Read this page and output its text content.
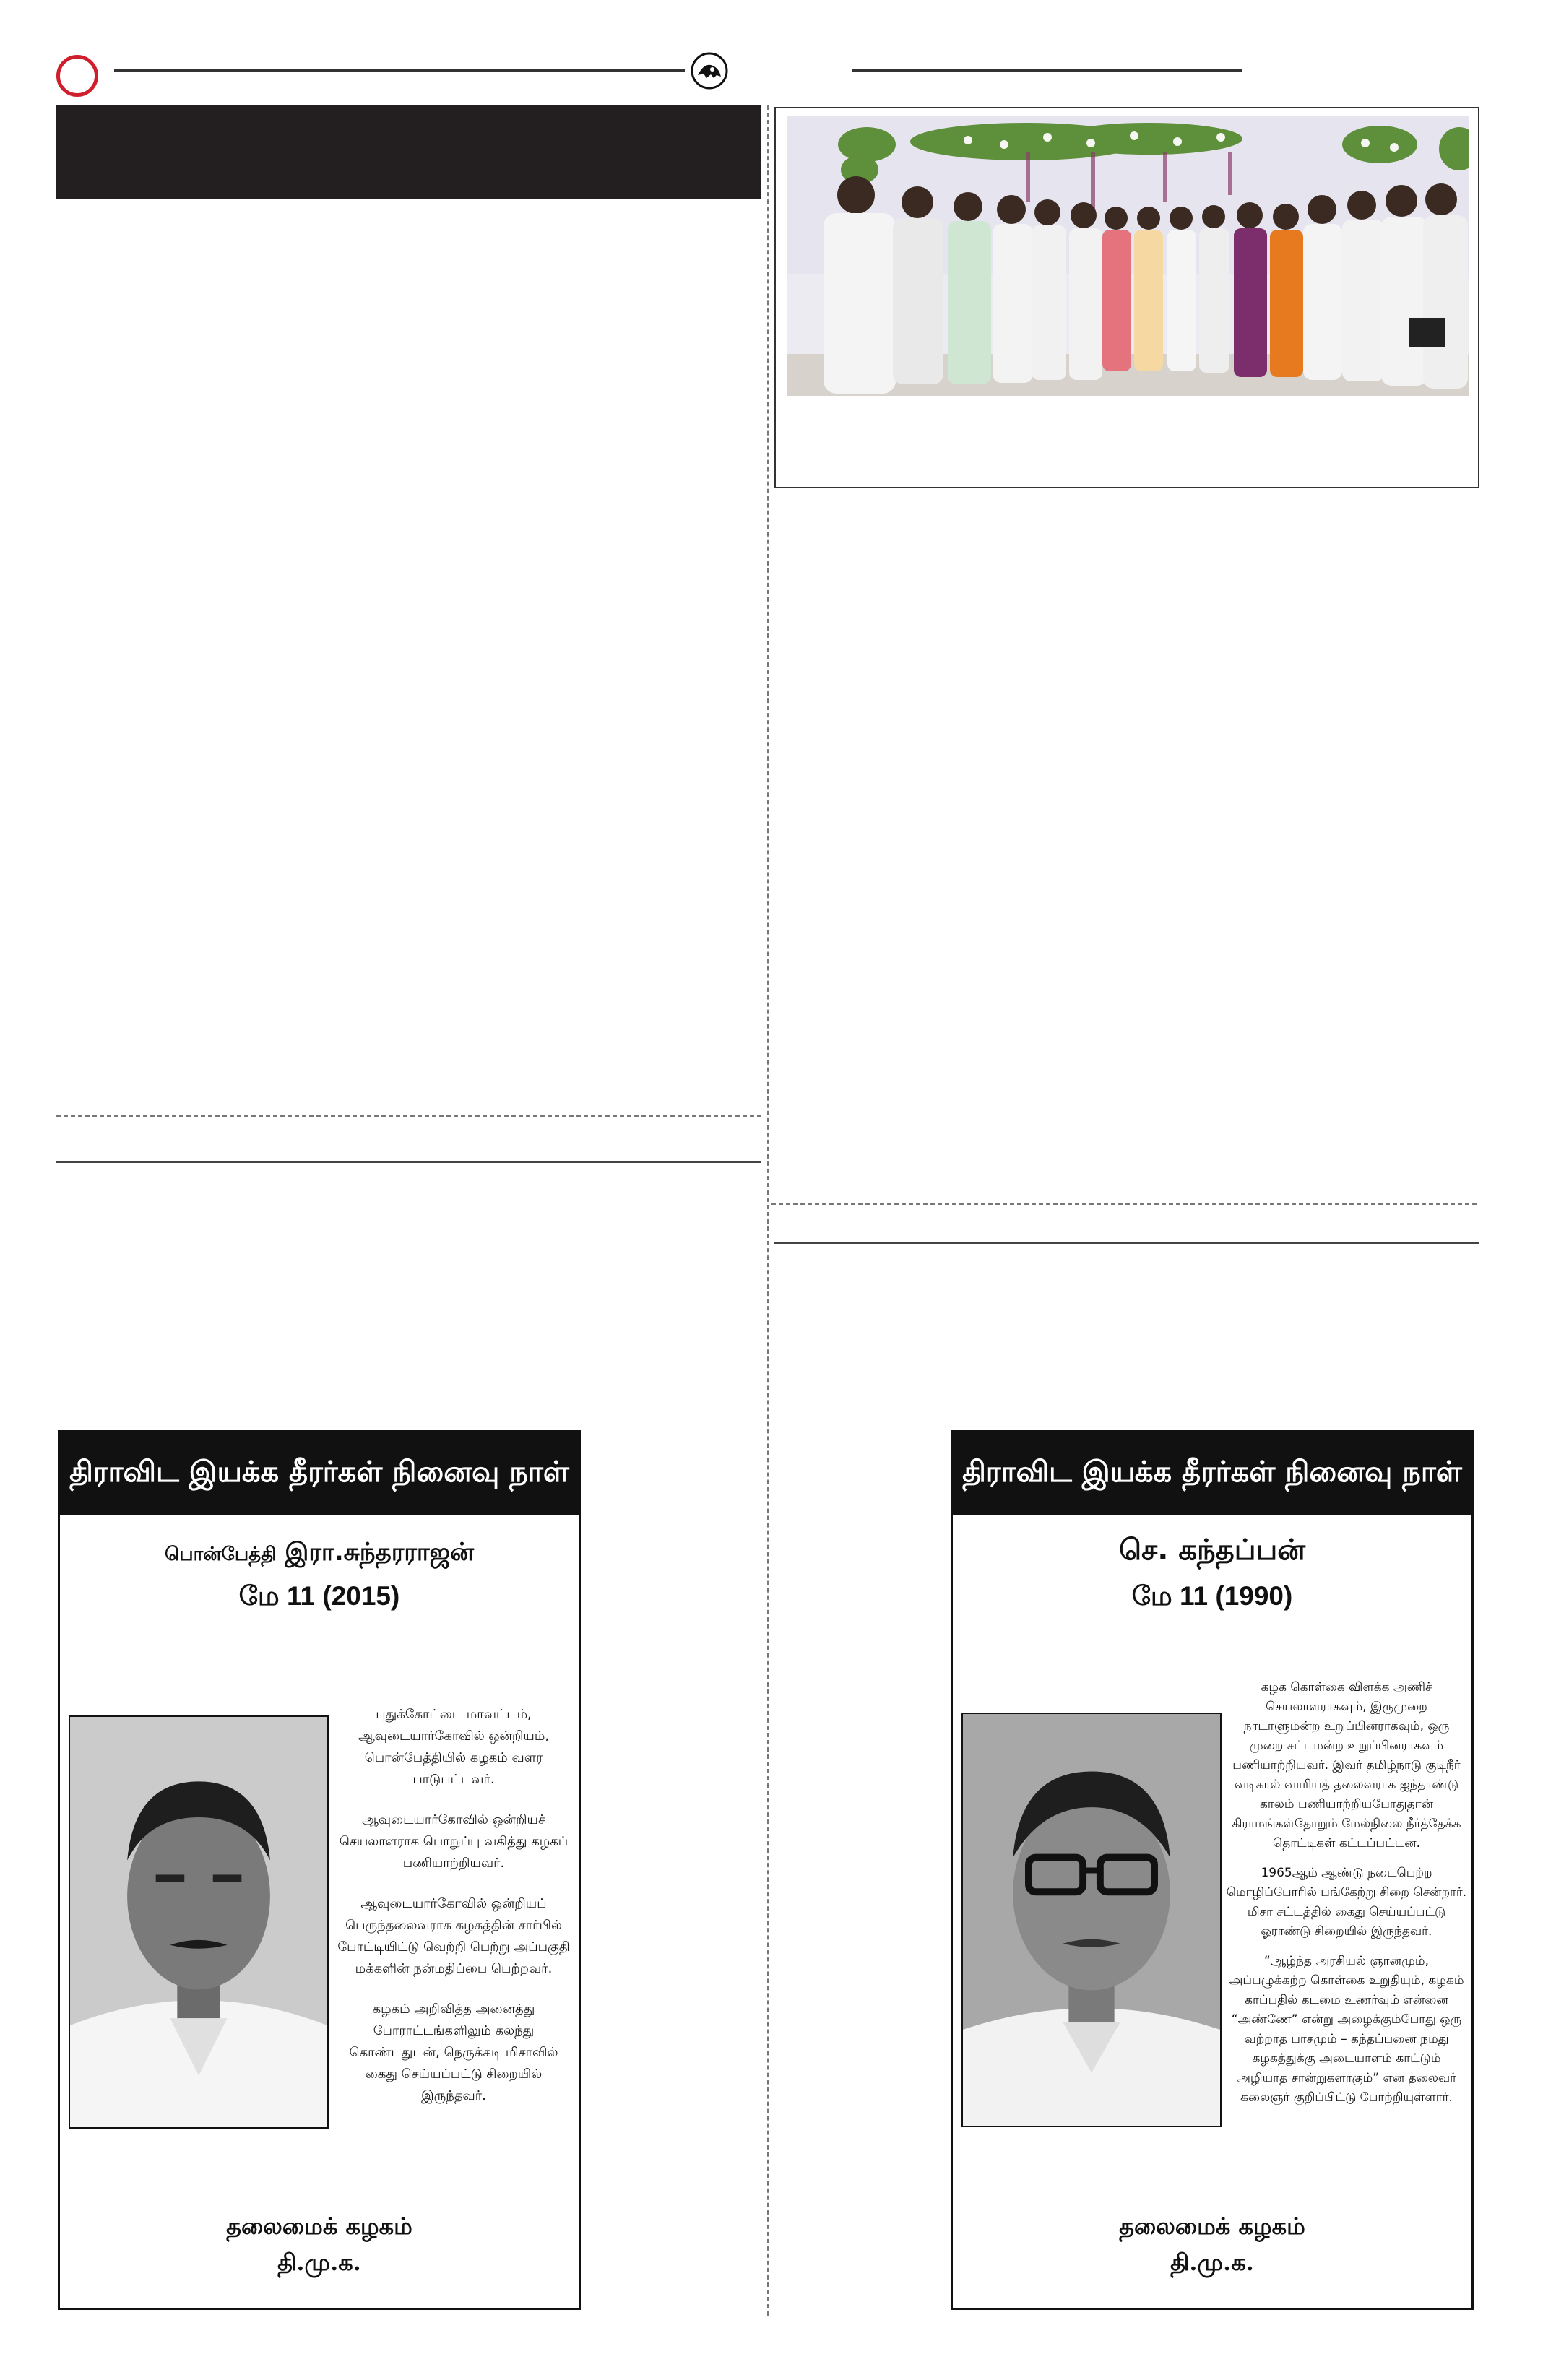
திராவிட இயக்க தீரர்கள் நினைவு நாள்
பொன்பேத்தி இரா.சுந்தரராஜன்
மே 11 (2015)

புதுக்கோட்டை மாவட்டம், ஆவுடையார்கோவில் ஒன்றியம், பொன்பேத்தியில் கழகம் வளர பாடுபட்டவர்.

ஆவுடையார்கோவில் ஒன்றியச் செயலாளராக பொறுப்பு வகித்து கழகப் பணியாற்றியவர்.

ஆவுடையார்கோவில் ஒன்றியப் பெருந்தலைவராக கழகத்தின் சார்பில் போட்டியிட்டு வெற்றி பெற்று அப்பகுதி மக்களின் நன்மதிப்பை பெற்றவர்.

கழகம் அறிவித்த அனைத்து போராட்டங்களிலும் கலந்து கொண்டதுடன், நெருக்கடி மிசாவில் கைது செய்யப்பட்டு சிறையில் இருந்தவர்.

தலைமைக் கழகம்
தி.மு.க.
திராவிட இயக்க தீரர்கள் நினைவு நாள்
செ. கந்தப்பன்
மே 11 (1990)

கழக கொள்கை விளக்க அணிச் செயலாளராகவும், இருமுறை நாடாளுமன்ற உறுப்பினராகவும், ஒரு முறை சட்டமன்ற உறுப்பினராகவும் பணியாற்றியவர். இவர் தமிழ்நாடு குடிநீர் வடிகால் வாரியத் தலைவராக ஐந்தாண்டு காலம் பணியாற்றியபோதுதான் கிராமங்கள்தோறும் மேல்நிலை நீர்த்தேக்க தொட்டிகள் கட்டப்பட்டன.

1965ஆம் ஆண்டு நடைபெற்ற மொழிப்போரில் பங்கேற்று சிறை சென்றார். மிசா சட்டத்தில் கைது செய்யப்பட்டு ஓராண்டு சிறையில் இருந்தவர்.

“ஆழ்ந்த அரசியல் ஞானமும், அப்பழுக்கற்ற கொள்கை உறுதியும், கழகம் காப்பதில் கடமை உணர்வும் என்னை “அண்ணே” என்று அழைக்கும்போது ஒரு வற்றாத பாசமும் – கந்தப்பனை நமது கழகத்துக்கு அடையாளம் காட்டும் அழியாத சான்றுகளாகும்” என தலைவர் கலைஞர் குறிப்பிட்டு போற்றியுள்ளார்.

தலைமைக் கழகம்
தி.மு.க.
